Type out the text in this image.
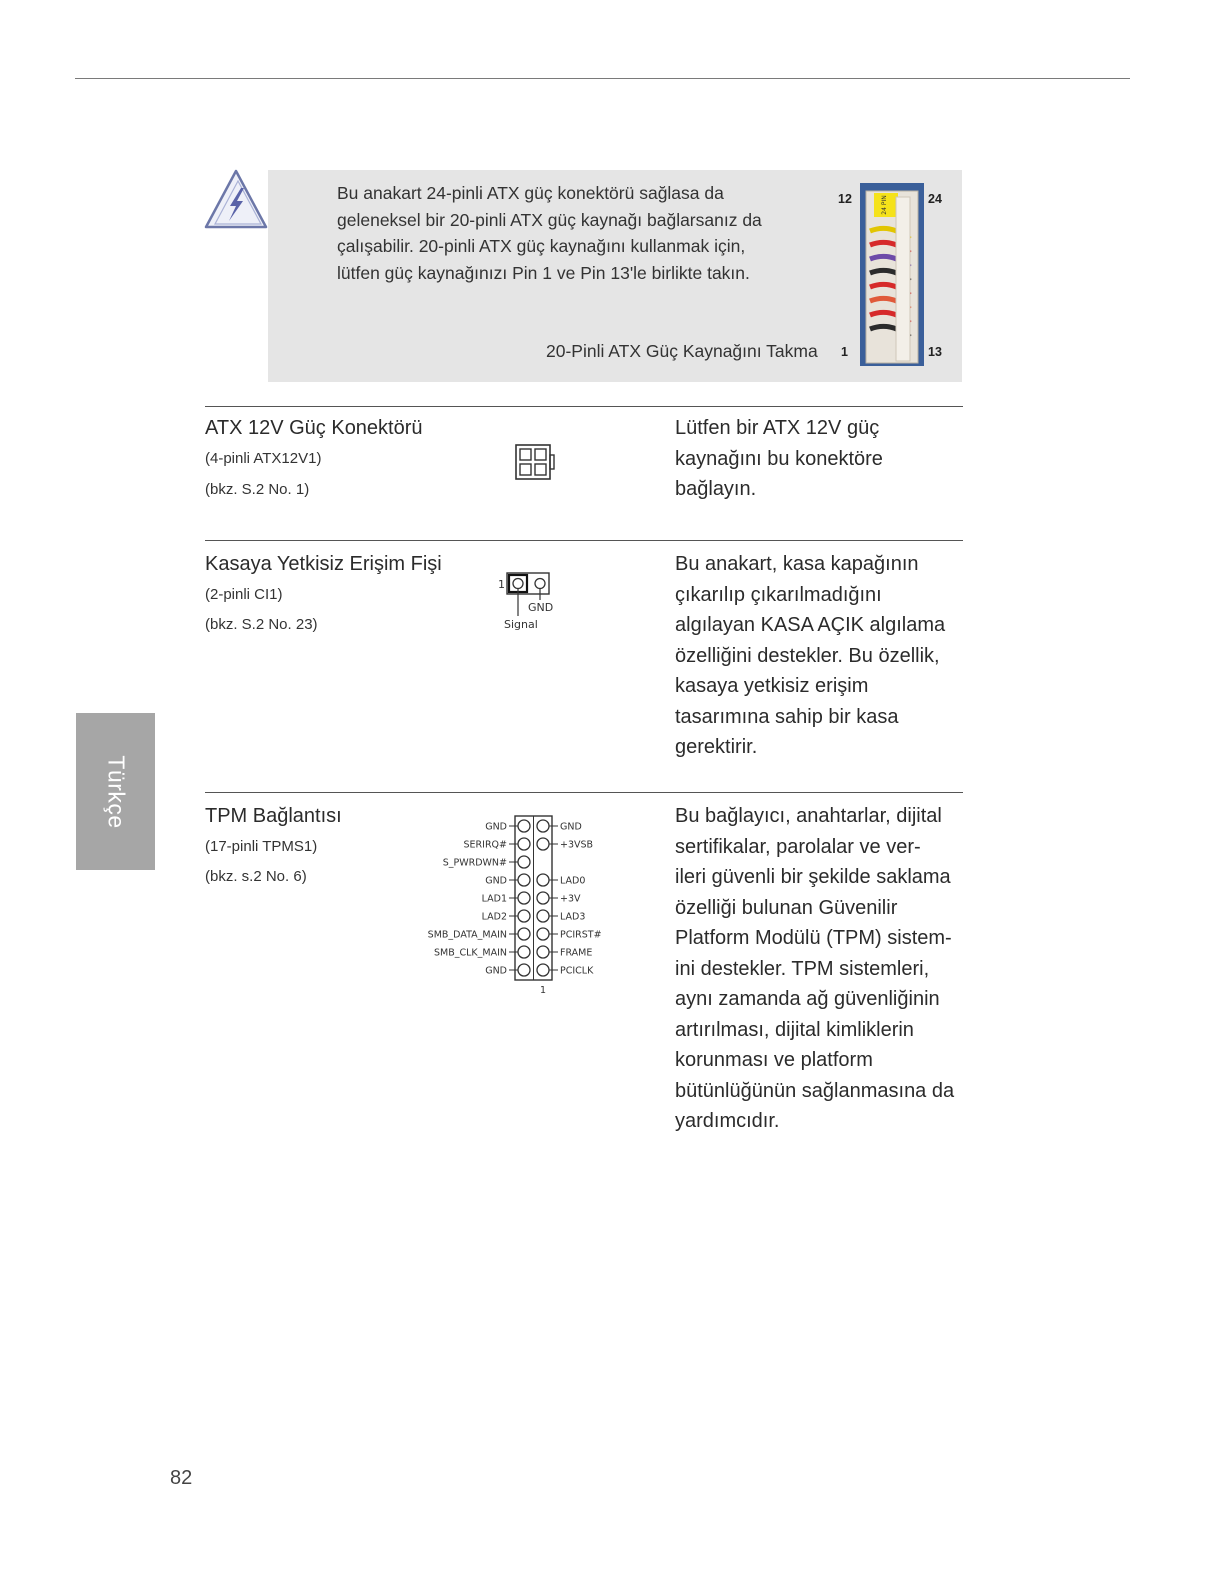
Bu anakart 24-pinli ATX güç konektörü sağlasa da

geleneksel bir 20-pinli ATX güç kaynağı bağlarsanız da

çalışabilir. 20-pinli ATX güç kaynağını kullanmak için,

lütfen güç kaynağınızı Pin 1 ve Pin 13'le birlikte takın.

20-Pinli ATX Güç Kaynağını Takma
12	24
1	13
24 PIN
ATX 12V Güç Konektörü
(4-pinli ATX12V1)
(bkz. S.2 No. 1)

Lütfen bir ATX 12V güç

kaynağını bu konektöre

bağlayın.

Kasaya Yetkisiz Erişim Fişi
(2-pinli CI1)
(bkz. S.2 No. 23)
1
GND
Signal

Bu anakart, kasa kapağının

çıkarılıp çıkarılmadığını

algılayan KASA AÇIK algılama

özelliğini destekler. Bu özellik,

kasaya yetkisiz erişim

tasarımına sahip bir kasa

gerektirir.

TPM Bağlantısı
(17-pinli TPMS1)
(bkz. s.2 No. 6)
GND	GND
SERIRQ#	+3VSB
S_PWRDWN#
GND	LAD0
LAD1	+3V
LAD2	LAD3
SMB_DATA_MAIN	PCIRST#
SMB_CLK_MAIN	FRAME
GND	PCICLK
1

Bu bağlayıcı, anahtarlar, dijital

sertifikalar, parolalar ve ver-

ileri güvenli bir şekilde saklama

özelliği bulunan Güvenilir

Platform Modülü (TPM) sistem-

ini destekler. TPM sistemleri,

aynı zamanda ağ güvenliğinin

artırılması, dijital kimliklerin

korunması ve platform

bütünlüğünün sağlanmasına da

yardımcıdır.

Türkçe
82
